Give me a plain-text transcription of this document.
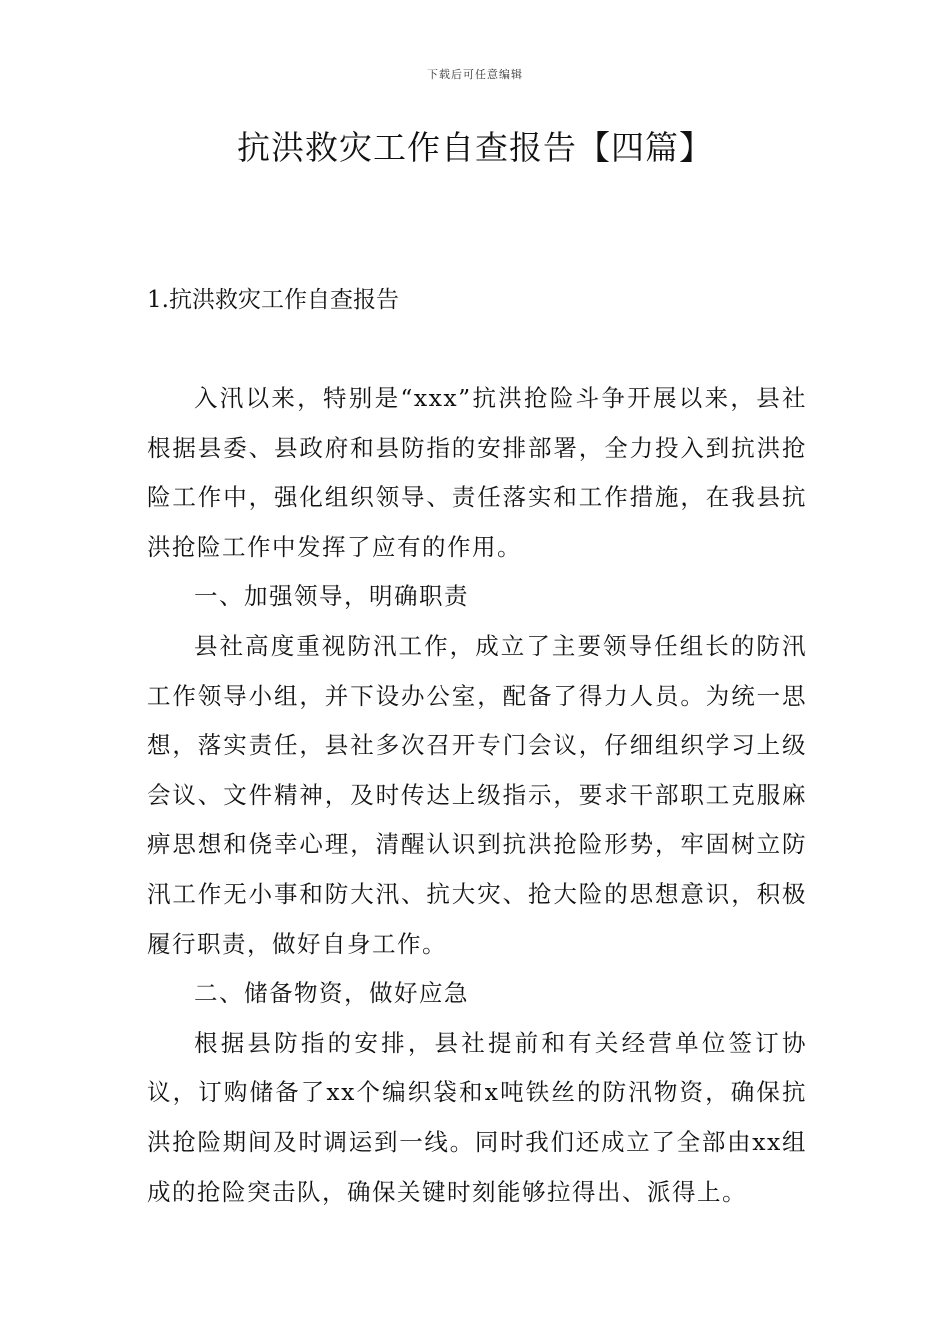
下载后可任意编辑
抗洪救灾工作自查报告【四篇】
1.抗洪救灾工作自查报告

入汛以来，特别是“xxx”抗洪抢险斗争开展以来，县社根据县委、县政府和县防指的安排部署，全力投入到抗洪抢险工作中，强化组织领导、责任落实和工作措施，在我县抗洪抢险工作中发挥了应有的作用。

一、加强领导，明确职责

县社高度重视防汛工作，成立了主要领导任组长的防汛工作领导小组，并下设办公室，配备了得力人员。为统一思想，落实责任，县社多次召开专门会议，仔细组织学习上级会议、文件精神，及时传达上级指示，要求干部职工克服麻痹思想和侥幸心理，清醒认识到抗洪抢险形势，牢固树立防汛工作无小事和防大汛、抗大灾、抢大险的思想意识，积极履行职责，做好自身工作。

二、储备物资，做好应急

根据县防指的安排，县社提前和有关经营单位签订协议，订购储备了xx个编织袋和x吨铁丝的防汛物资，确保抗洪抢险期间及时调运到一线。同时我们还成立了全部由xx组成的抢险突击队，确保关键时刻能够拉得出、派得上。
